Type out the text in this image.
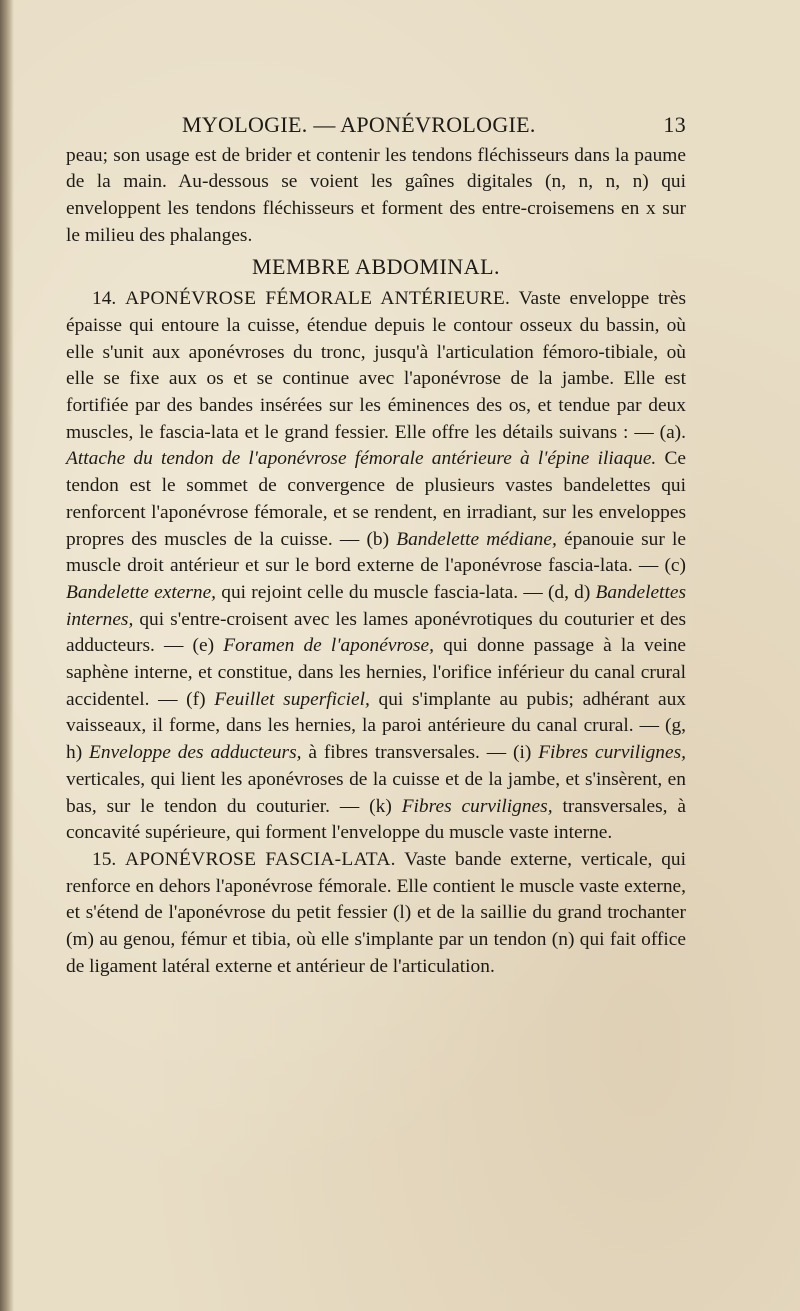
MYOLOGIE. — APONÉVROLOGIE.	13

peau; son usage est de brider et contenir les tendons fléchisseurs dans la paume de la main. Au-dessous se voient les gaînes digitales (n, n, n, n) qui enveloppent les tendons fléchisseurs et forment des entre-croisemens en x sur le milieu des phalanges.

MEMBRE ABDOMINAL.

14. APONÉVROSE FÉMORALE ANTÉRIEURE. Vaste enveloppe très épaisse qui entoure la cuisse, étendue depuis le contour osseux du bassin, où elle s'unit aux aponévroses du tronc, jusqu'à l'articulation fémoro-tibiale, où elle se fixe aux os et se continue avec l'aponévrose de la jambe. Elle est fortifiée par des bandes insérées sur les éminences des os, et tendue par deux muscles, le fascia-lata et le grand fessier. Elle offre les détails suivans : — (a). Attache du tendon de l'aponévrose fémorale antérieure à l'épine iliaque. Ce tendon est le sommet de convergence de plusieurs vastes bandelettes qui renforcent l'aponévrose fémorale, et se rendent, en irradiant, sur les enveloppes propres des muscles de la cuisse. — (b) Bandelette médiane, épanouie sur le muscle droit antérieur et sur le bord externe de l'aponévrose fascia-lata. — (c) Bandelette externe, qui rejoint celle du muscle fascia-lata. — (d, d) Bandelettes internes, qui s'entre-croisent avec les lames aponévrotiques du couturier et des adducteurs. — (e) Foramen de l'aponévrose, qui donne passage à la veine saphène interne, et constitue, dans les hernies, l'orifice inférieur du canal crural accidentel. — (f) Feuillet superficiel, qui s'implante au pubis; adhérant aux vaisseaux, il forme, dans les hernies, la paroi antérieure du canal crural. — (g, h) Enveloppe des adducteurs, à fibres transversales. — (i) Fibres curvilignes, verticales, qui lient les aponévroses de la cuisse et de la jambe, et s'insèrent, en bas, sur le tendon du couturier. — (k) Fibres curvilignes, transversales, à concavité supérieure, qui forment l'enveloppe du muscle vaste interne.

15. APONÉVROSE FASCIA-LATA. Vaste bande externe, verticale, qui renforce en dehors l'aponévrose fémorale. Elle contient le muscle vaste externe, et s'étend de l'aponévrose du petit fessier (l) et de la saillie du grand trochanter (m) au genou, fémur et tibia, où elle s'implante par un tendon (n) qui fait office de ligament latéral externe et antérieur de l'articulation.
